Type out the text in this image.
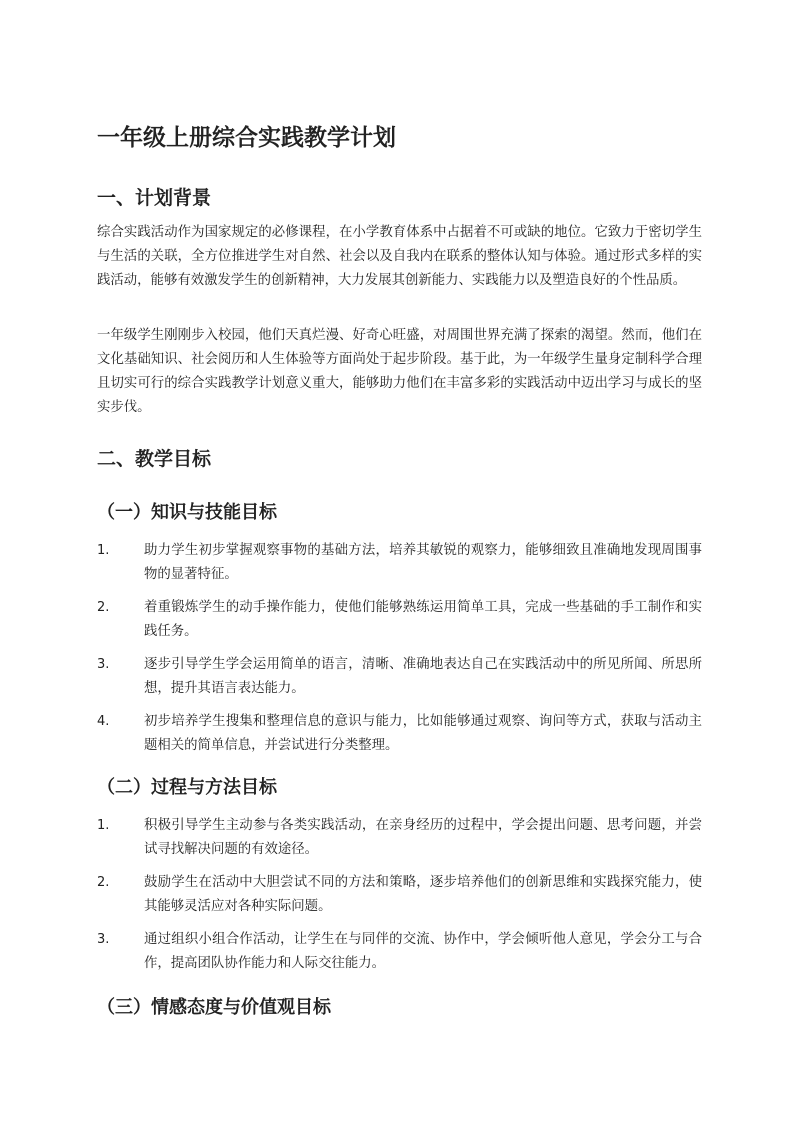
一年级上册综合实践教学计划
一、计划背景

综合实践活动作为国家规定的必修课程，在小学教育体系中占据着不可或缺的地位。它致力于密切学生与生活的关联，全方位推进学生对自然、社会以及自我内在联系的整体认知与体验。通过形式多样的实践活动，能够有效激发学生的创新精神，大力发展其创新能力、实践能力以及塑造良好的个性品质。

一年级学生刚刚步入校园，他们天真烂漫、好奇心旺盛，对周围世界充满了探索的渴望。然而，他们在文化基础知识、社会阅历和人生体验等方面尚处于起步阶段。基于此，为一年级学生量身定制科学合理且切实可行的综合实践教学计划意义重大，能够助力他们在丰富多彩的实践活动中迈出学习与成长的坚实步伐。

二、教学目标
（一）知识与技能目标
1.	助力学生初步掌握观察事物的基础方法，培养其敏锐的观察力，能够细致且准确地发现周围事物的显著特征。
2.	着重锻炼学生的动手操作能力，使他们能够熟练运用简单工具，完成一些基础的手工制作和实践任务。
3.	逐步引导学生学会运用简单的语言，清晰、准确地表达自己在实践活动中的所见所闻、所思所想，提升其语言表达能力。
4.	初步培养学生搜集和整理信息的意识与能力，比如能够通过观察、询问等方式，获取与活动主题相关的简单信息，并尝试进行分类整理。
（二）过程与方法目标
1.	积极引导学生主动参与各类实践活动，在亲身经历的过程中，学会提出问题、思考问题，并尝试寻找解决问题的有效途径。
2.	鼓励学生在活动中大胆尝试不同的方法和策略，逐步培养他们的创新思维和实践探究能力，使其能够灵活应对各种实际问题。
3.	通过组织小组合作活动，让学生在与同伴的交流、协作中，学会倾听他人意见，学会分工与合作，提高团队协作能力和人际交往能力。
（三）情感态度与价值观目标
